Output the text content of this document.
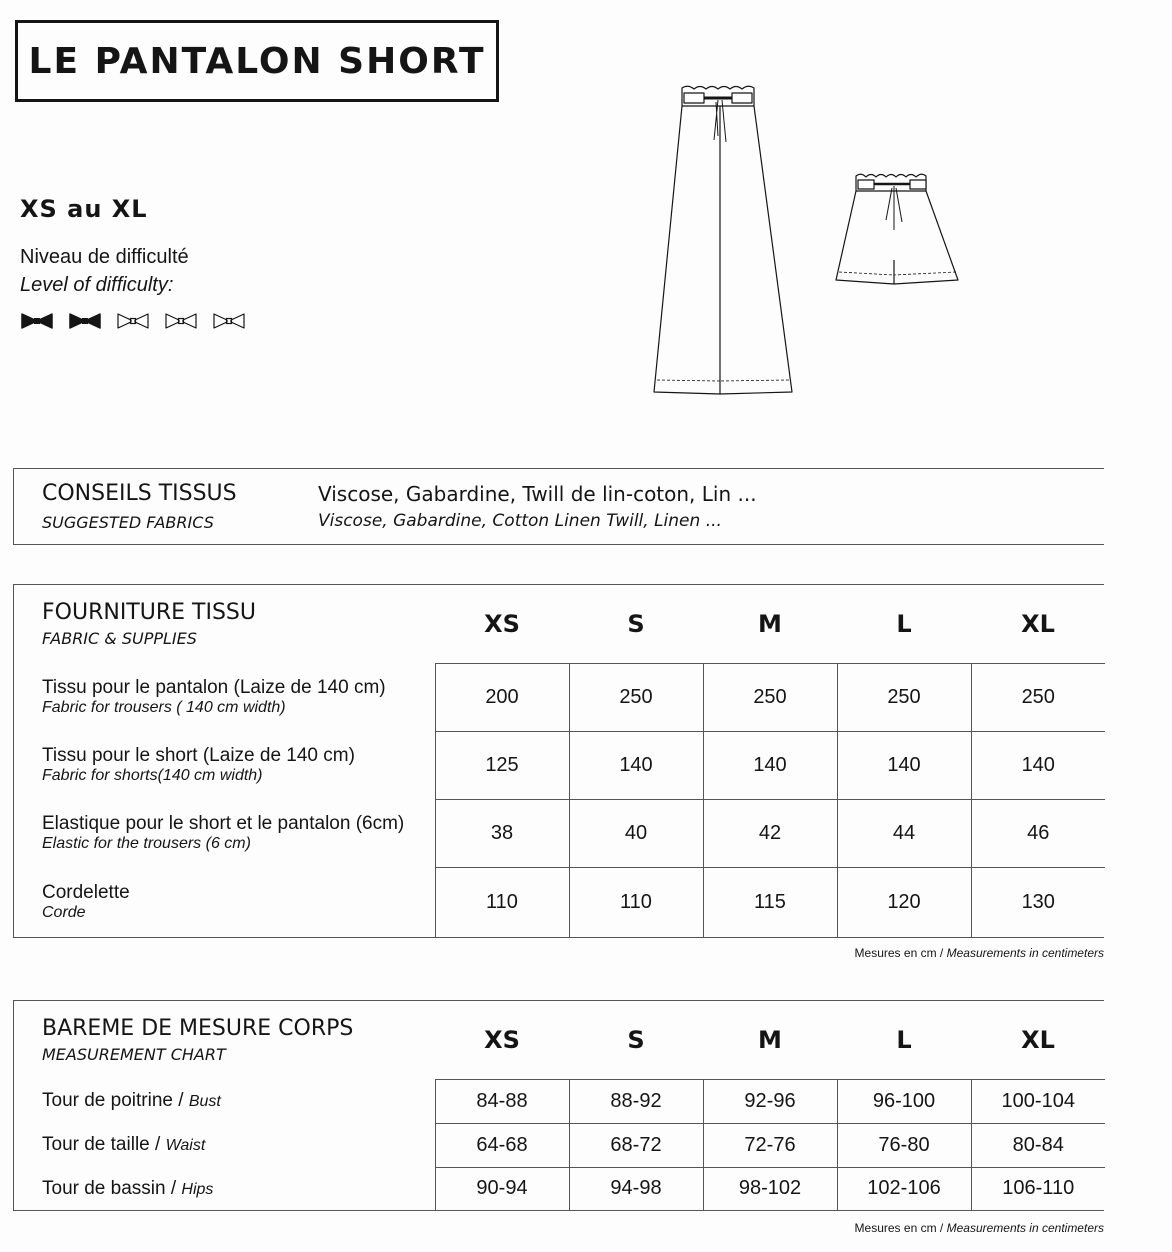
LE PANTALON SHORT
XS au XL
Niveau de difficulté
Level of difficulty:
CONSEILS TISSUS
SUGGESTED FABRICS
Viscose, Gabardine, Twill de lin-coton, Lin ...
Viscose, Gabardine, Cotton Linen Twill, Linen ...
FOURNITURE TISSU
FABRIC & SUPPLIES	XS	S	M	L	XL

Tissu pour le pantalon (Laize de 140 cm)
Fabric for trousers ( 140 cm width)	200	250	250	250	250

Tissu pour le short (Laize de 140 cm)
Fabric for shorts(140 cm width)	125	140	140	140	140

Elastique pour le short et le pantalon (6cm)
Elastic for the trousers (6 cm)	38	40	42	44	46

Cordelette
Corde	110	110	115	120	130
Mesures en cm / Measurements in centimeters
BAREME DE MESURE CORPS
MEASUREMENT CHART	XS	S	M	L	XL

Tour de poitrine / Bust	84-88	88-92	92-96	96-100	100-104

Tour de taille / Waist	64-68	68-72	72-76	76-80	80-84

Tour de bassin / Hips	90-94	94-98	98-102	102-106	106-110
Mesures en cm / Measurements in centimeters
